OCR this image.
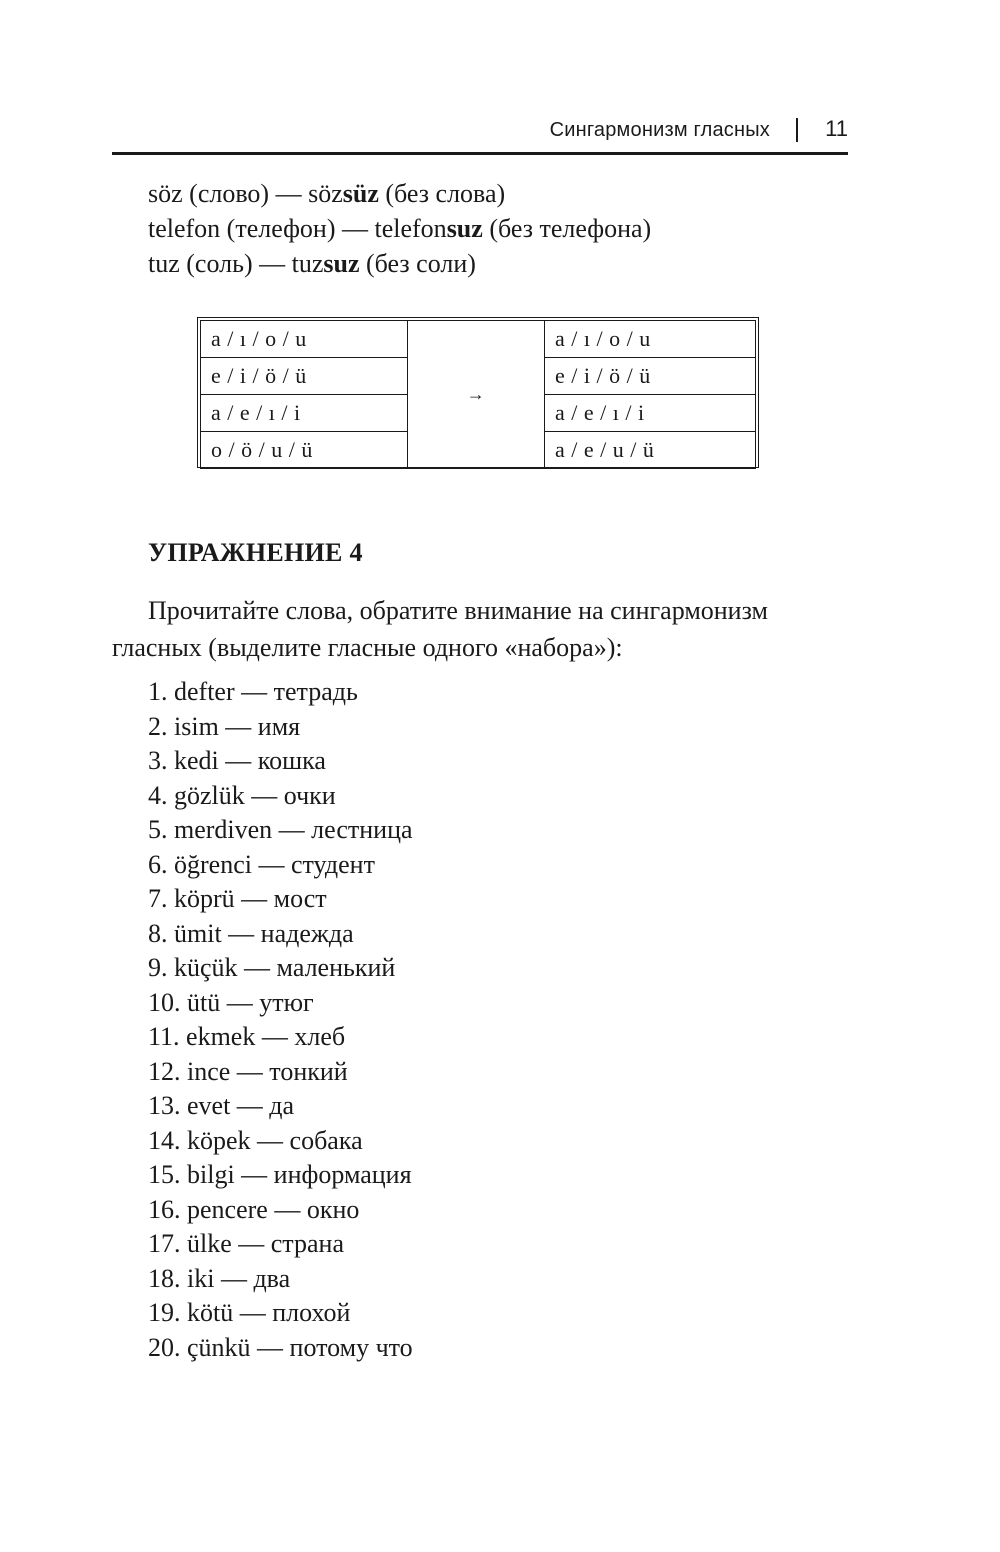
Сингармонизм гласных	11
söz (слово) — sözsüz (без слова)
telefon (телефон) — telefonsuz (без телефона)
tuz (соль) — tuzsuz (без соли)
a / ı / o / u	→	a / ı / o / u
e / i / ö / ü		e / i / ö / ü
a / e / ı / i		a / e / ı / i
o / ö / u / ü		a / e / u / ü
УПРАЖНЕНИЕ 4
Прочитайте слова, обратите внимание на сингармонизм гласных (выделите гласные одного «набора»):
1. defter — тетрадь
2. isim — имя
3. kedi — кошка
4. gözlük — очки
5. merdiven — лестница
6. öğrenci — студент
7. köprü — мост
8. ümit — надежда
9. küçük — маленький
10. ütü — утюг
11. ekmek — хлеб
12. ince — тонкий
13. evet — да
14. köpek — собака
15. bilgi — информация
16. pencere — окно
17. ülke — страна
18. iki — два
19. kötü — плохой
20. çünkü — потому что
